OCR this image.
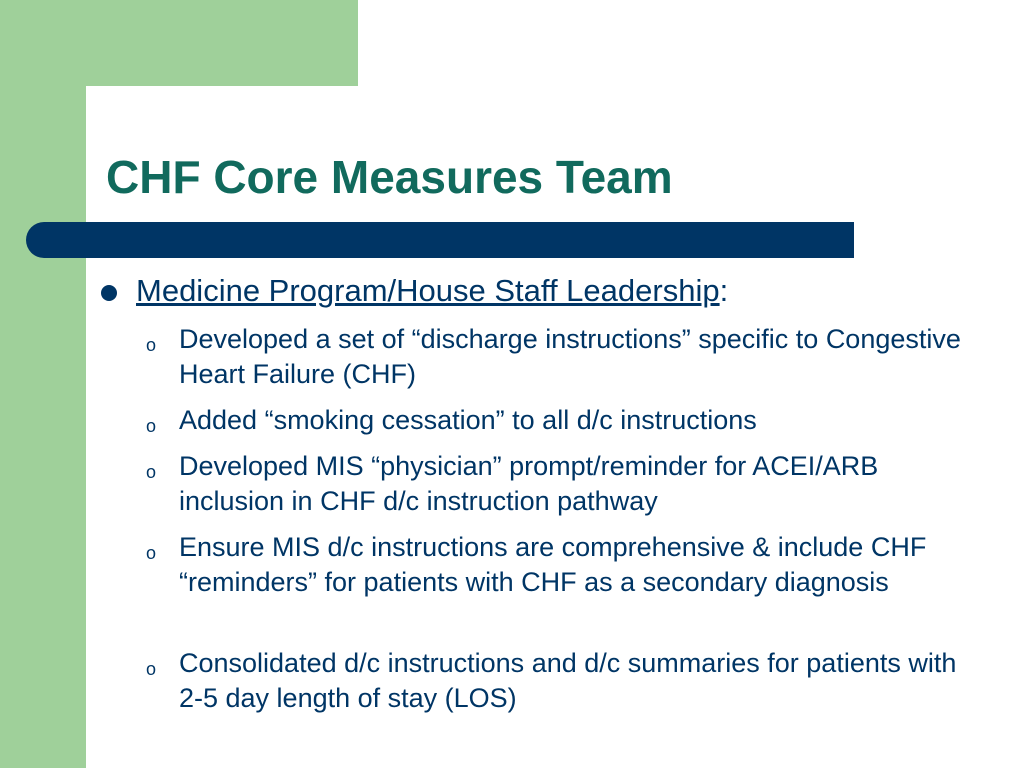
CHF Core Measures Team
Medicine Program/House Staff Leadership:
o Developed a set of “discharge instructions” specific to Congestive Heart Failure (CHF)
o Added “smoking cessation” to all d/c instructions
o Developed MIS “physician” prompt/reminder for ACEI/ARB inclusion in CHF d/c instruction pathway
o Ensure MIS d/c instructions are comprehensive & include CHF “reminders” for patients with CHF as a secondary diagnosis
o Consolidated d/c instructions and d/c summaries for patients with 2-5 day length of stay (LOS)
